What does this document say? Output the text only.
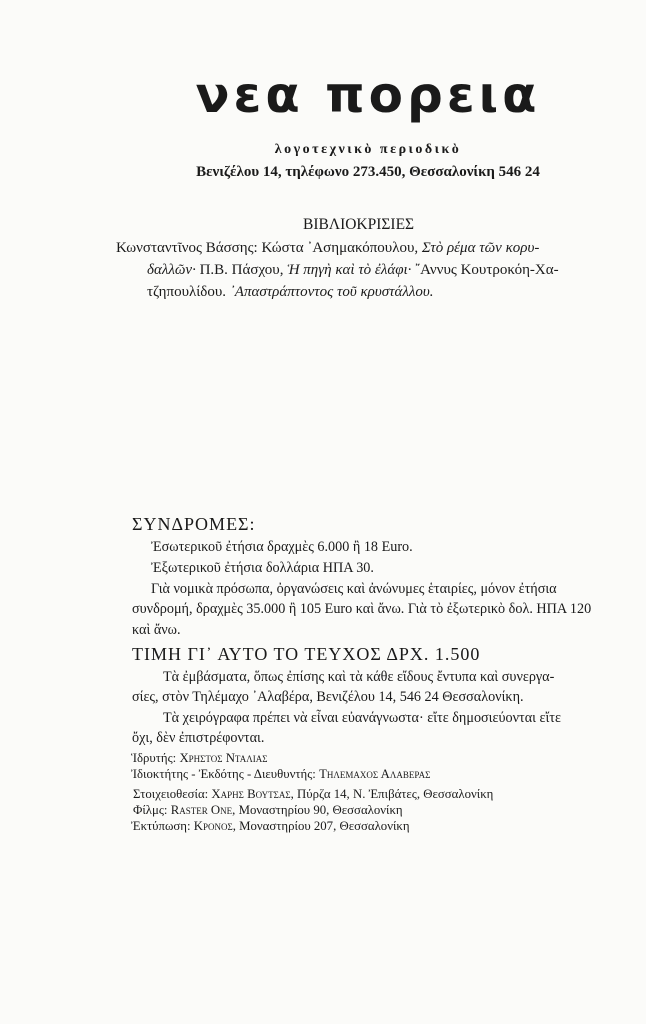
νεα πορεια
λογοτεχνικὸ περιοδικὸ
Βενιζέλου 14, τηλέφωνο 273.450, Θεσσαλονίκη 546 24
ΒΙΒΛΙΟΚΡΙΣΙΕΣ
Κωνσταντῖνος Βάσσης: Κώστα ᾿Ασημακόπουλου, Στὸ ρέμα τῶν κορυ-
δαλλῶν· Π.Β. Πάσχου, Ἡ πηγὴ καὶ τὸ ἐλάφι· ῎Αννυς Κουτροκόη-Χα-
τζηπουλίδου. ᾿Απαστράπτοντος τοῦ κρυστάλλου.
ΣΥΝΔΡΟΜΕΣ:
Ἐσωτερικοῦ ἐτήσια δραχμὲς 6.000 ἢ 18 Euro.
Ἐξωτερικοῦ ἐτήσια δολλάρια ΗΠΑ 30.
Γιὰ νομικὰ πρόσωπα, ὀργανώσεις καὶ ἀνώνυμες ἑταιρίες, μόνον ἐτήσια
συνδρομή, δραχμὲς 35.000 ἢ 105 Euro καὶ ἄνω. Γιὰ τὸ ἐξωτερικὸ δολ. ΗΠΑ 120
καὶ ἄνω.
ΤΙΜΗ ΓΙ᾿ ΑΥΤΟ ΤΟ ΤΕΥΧΟΣ ΔΡΧ. 1.500
Τὰ ἐμβάσματα, ὅπως ἐπίσης καὶ τὰ κάθε εἴδους ἔντυπα καὶ συνεργα-
σίες, στὸν Τηλέμαχο ᾿Αλαβέρα, Βενιζέλου 14, 546 24 Θεσσαλονίκη.
Τὰ χειρόγραφα πρέπει νὰ εἶναι εὐανάγνωστα· εἴτε δημοσιεύονται εἴτε
ὄχι, δὲν ἐπιστρέφονται.
Ἱδρυτής: Χρηστος Νταλιας
Ἰδιοκτήτης - Ἐκδότης - Διευθυντής: Τηλεμαχος Αλαβερας
Στοιχειοθεσία: Χαρης Βουτσας, Πύρζα 14, Ν. Ἐπιβάτες, Θεσσαλονίκη
Φίλμς: Raster One, Μοναστηρίου 90, Θεσσαλονίκη
Ἐκτύπωση: Κρονος, Μοναστηρίου 207, Θεσσαλονίκη
